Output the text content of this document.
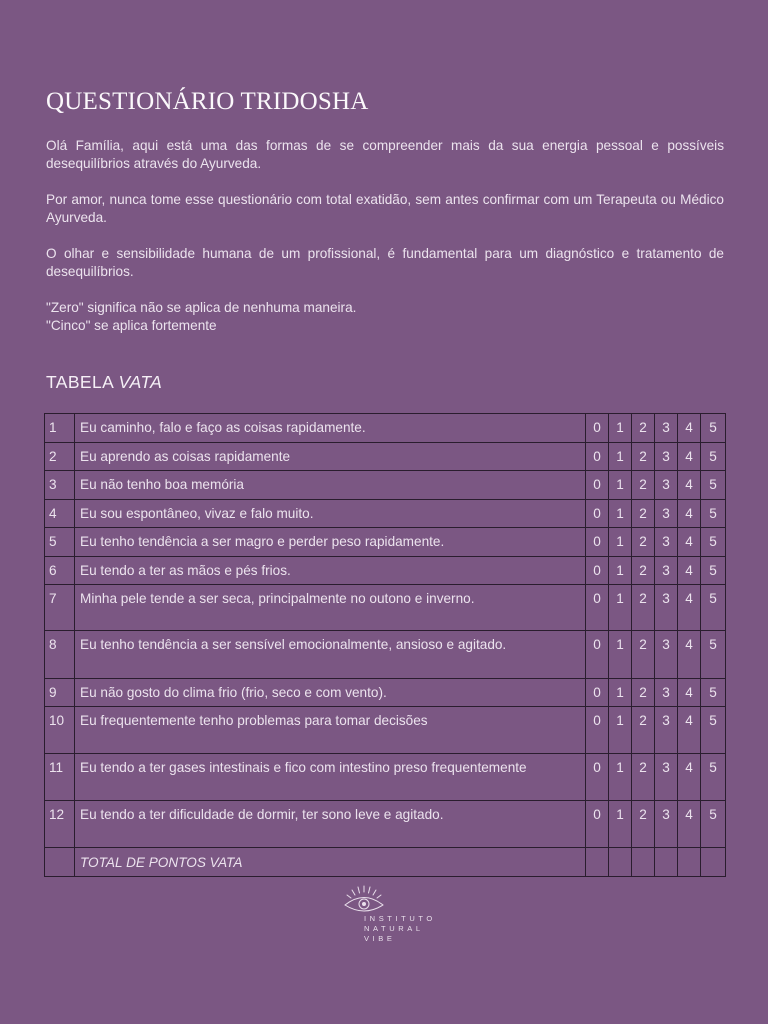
QUESTIONÁRIO TRIDOSHA

Olá Família, aqui está uma das formas de se compreender mais da sua energia pessoal e possíveis desequilíbrios através do Ayurveda.

Por amor, nunca tome esse questionário com total exatidão, sem antes confirmar com um Terapeuta ou Médico Ayurveda.

O olhar e sensibilidade humana de um profissional, é fundamental para um diagnóstico e tratamento de desequilíbrios.

"Zero" significa não se aplica de nenhuma maneira.

"Cinco" se aplica fortemente

TABELA VATA
1	Eu caminho, falo e faço as coisas rapidamente.	0	1	2	3	4	5
2	Eu aprendo as coisas rapidamente	0	1	2	3	4	5
3	Eu não tenho boa memória	0	1	2	3	4	5
4	Eu sou espontâneo, vivaz e falo muito.	0	1	2	3	4	5
5	Eu tenho tendência a ser magro e perder peso rapidamente.	0	1	2	3	4	5
6	Eu tendo a ter as mãos e pés frios.	0	1	2	3	4	5
7	Minha pele tende a ser seca, principalmente no outono e inverno.	0	1	2	3	4	5
8	Eu tenho tendência a ser sensível emocionalmente, ansioso e agitado.	0	1	2	3	4	5
9	Eu não gosto do clima frio (frio, seco e com vento).	0	1	2	3	4	5
10	Eu frequentemente tenho problemas para tomar decisões	0	1	2	3	4	5
11	Eu tendo a ter gases intestinais e fico com intestino preso frequentemente	0	1	2	3	4	5
12	Eu tendo a ter dificuldade de dormir, ter sono leve e agitado.	0	1	2	3	4	5
	TOTAL DE PONTOS VATA						
INSTITUTO
NATURAL
VIBE
